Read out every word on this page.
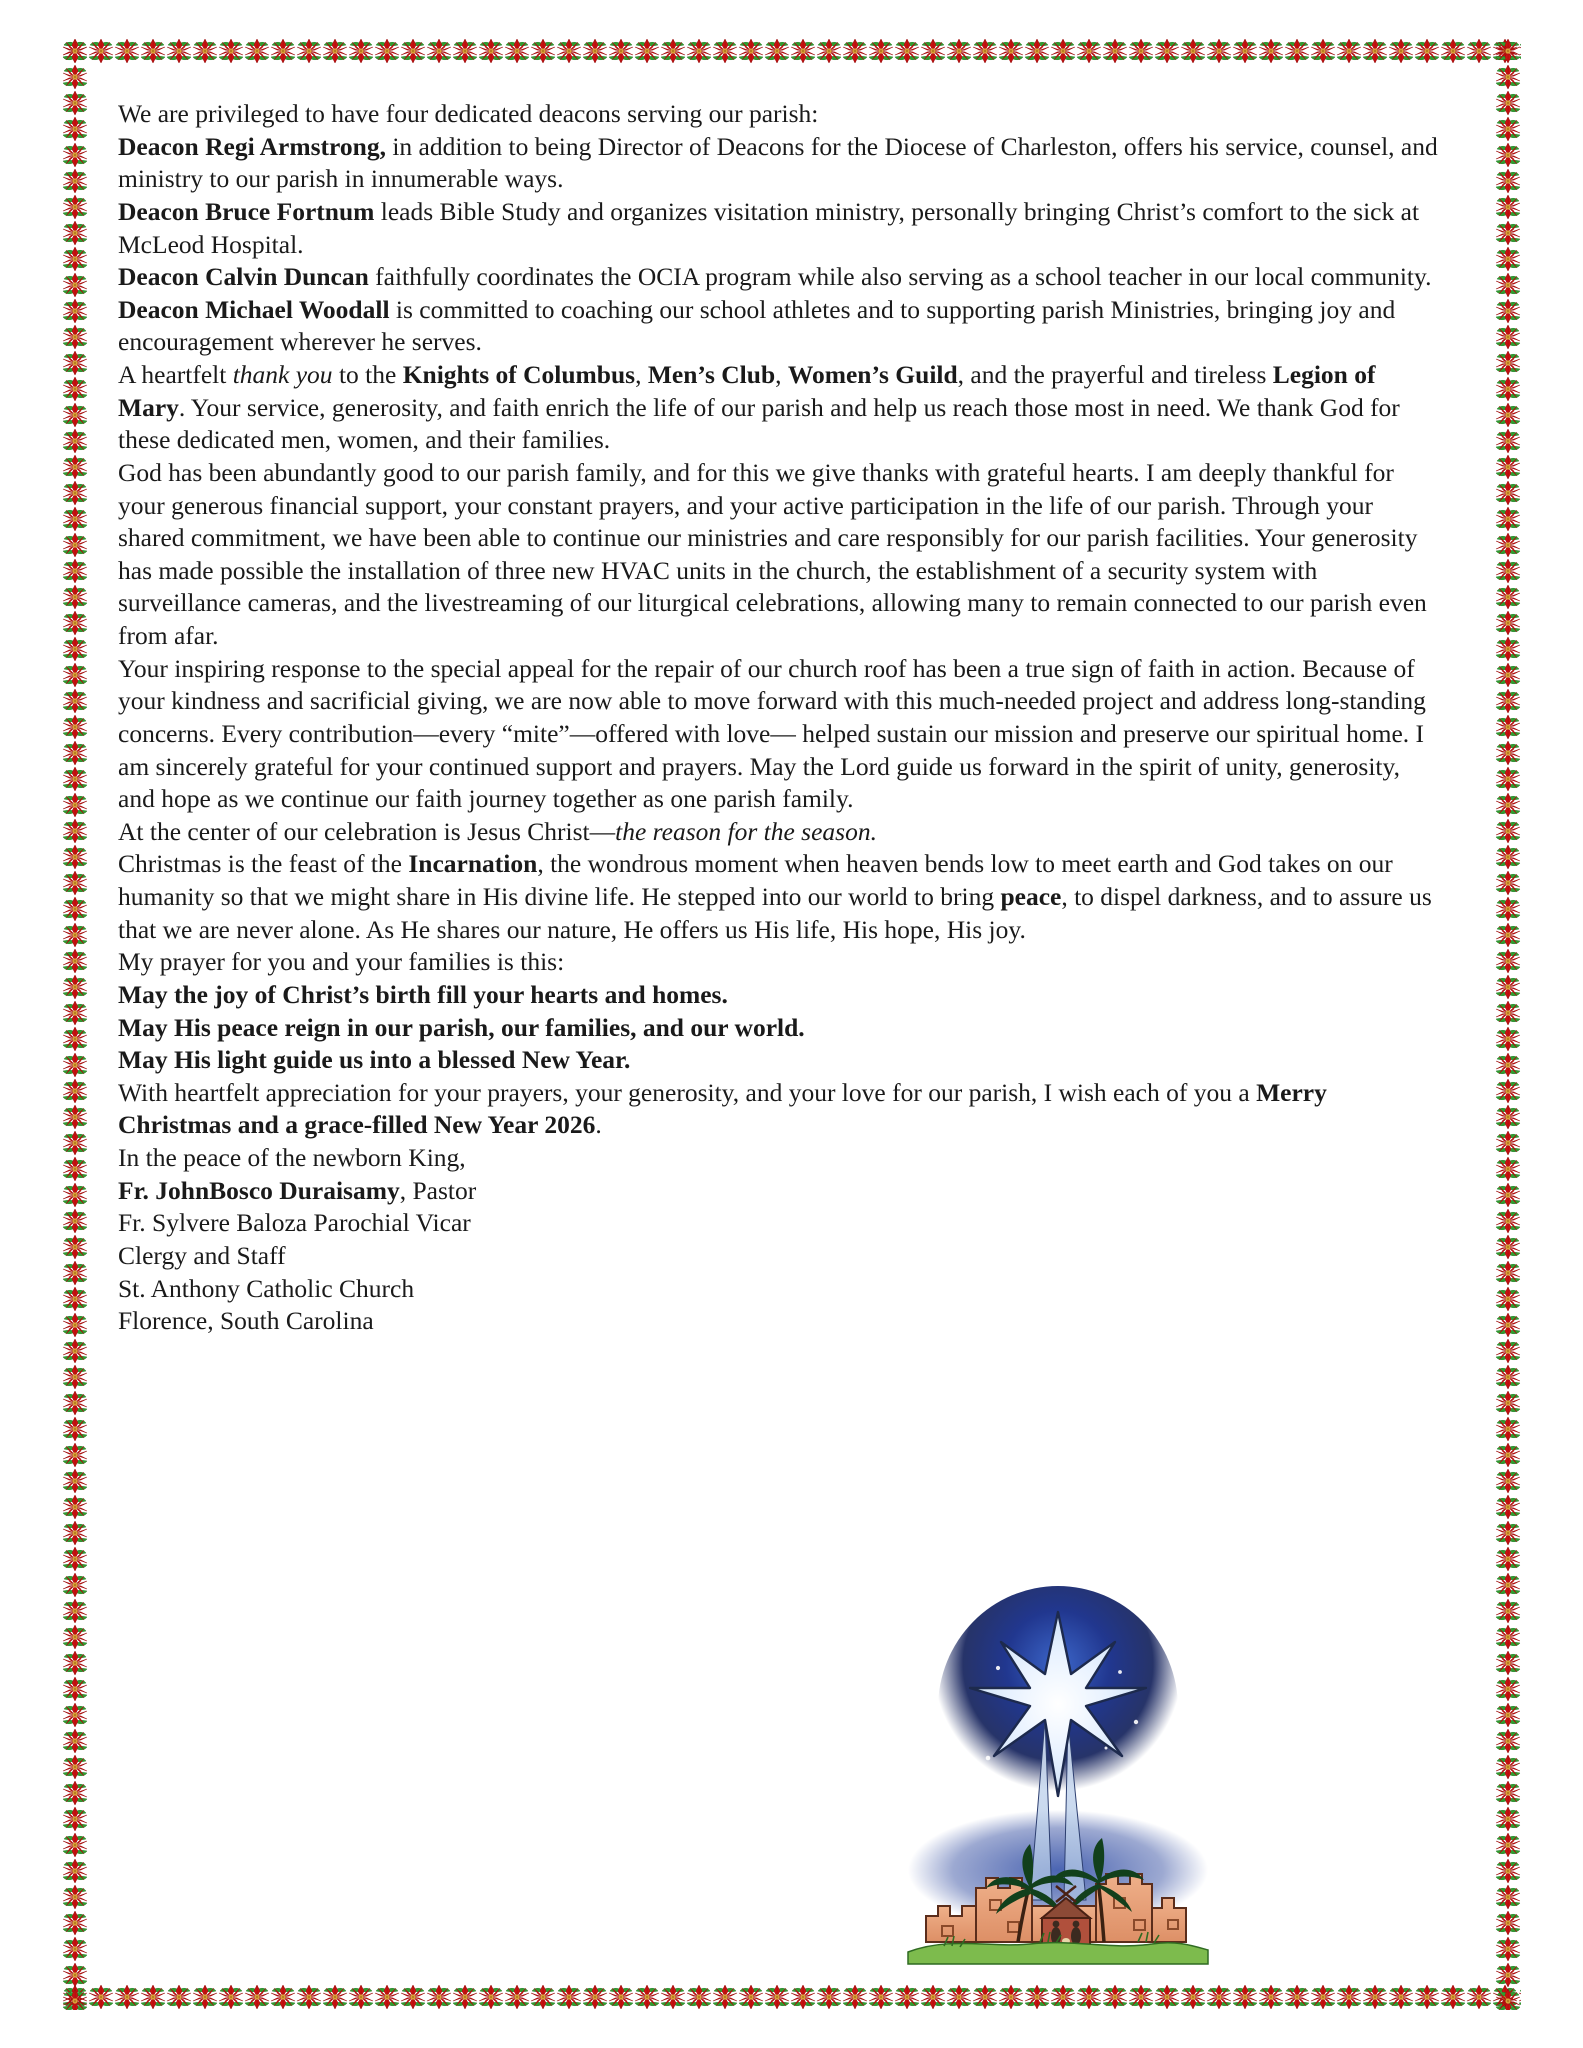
We are privileged to have four dedicated deacons serving our parish:

Deacon Regi Armstrong, in addition to being Director of Deacons for the Diocese of Charleston, offers his service, counsel, and ministry to our parish in innumerable ways.

Deacon Bruce Fortnum leads Bible Study and organizes visitation ministry, personally bringing Christ’s comfort to the sick at McLeod Hospital.

Deacon Calvin Duncan faithfully coordinates the OCIA program while also serving as a school teacher in our local community.

Deacon Michael Woodall is committed to coaching our school athletes and to supporting parish Ministries, bringing joy and encouragement wherever he serves.

A heartfelt thank you to the Knights of Columbus, Men’s Club, Women’s Guild, and the prayerful and tireless Legion of Mary. Your service, generosity, and faith enrich the life of our parish and help us reach those most in need. We thank God for these dedicated men, women, and their families.

God has been abundantly good to our parish family, and for this we give thanks with grateful hearts. I am deeply thankful for your generous financial support, your constant prayers, and your active participation in the life of our parish. Through your shared commitment, we have been able to continue our ministries and care responsibly for our parish facilities. Your generosity has made possible the installation of three new HVAC units in the church, the establishment of a security system with surveillance cameras, and the livestreaming of our liturgical celebrations, allowing many to remain connected to our parish even from afar.

Your inspiring response to the special appeal for the repair of our church roof has been a true sign of faith in action. Because of your kindness and sacrificial giving, we are now able to move forward with this much-needed project and address long-standing concerns. Every contribution—every “mite”—offered with love— helped sustain our mission and preserve our spiritual home. I am sincerely grateful for your continued support and prayers. May the Lord guide us forward in the spirit of unity, generosity, and hope as we continue our faith journey together as one parish family.

At the center of our celebration is Jesus Christ—the reason for the season.

Christmas is the feast of the Incarnation, the wondrous moment when heaven bends low to meet earth and God takes on our humanity so that we might share in His divine life. He stepped into our world to bring peace, to dispel darkness, and to assure us that we are never alone. As He shares our nature, He offers us His life, His hope, His joy.

My prayer for you and your families is this:

May the joy of Christ’s birth fill your hearts and homes.

May His peace reign in our parish, our families, and our world.

May His light guide us into a blessed New Year.

With heartfelt appreciation for your prayers, your generosity, and your love for our parish, I wish each of you a Merry Christmas and a grace-filled New Year 2026.

In the peace of the newborn King,

Fr. JohnBosco Duraisamy, Pastor

Fr. Sylvere Baloza Parochial Vicar

Clergy and Staff

St. Anthony Catholic Church

Florence, South Carolina
